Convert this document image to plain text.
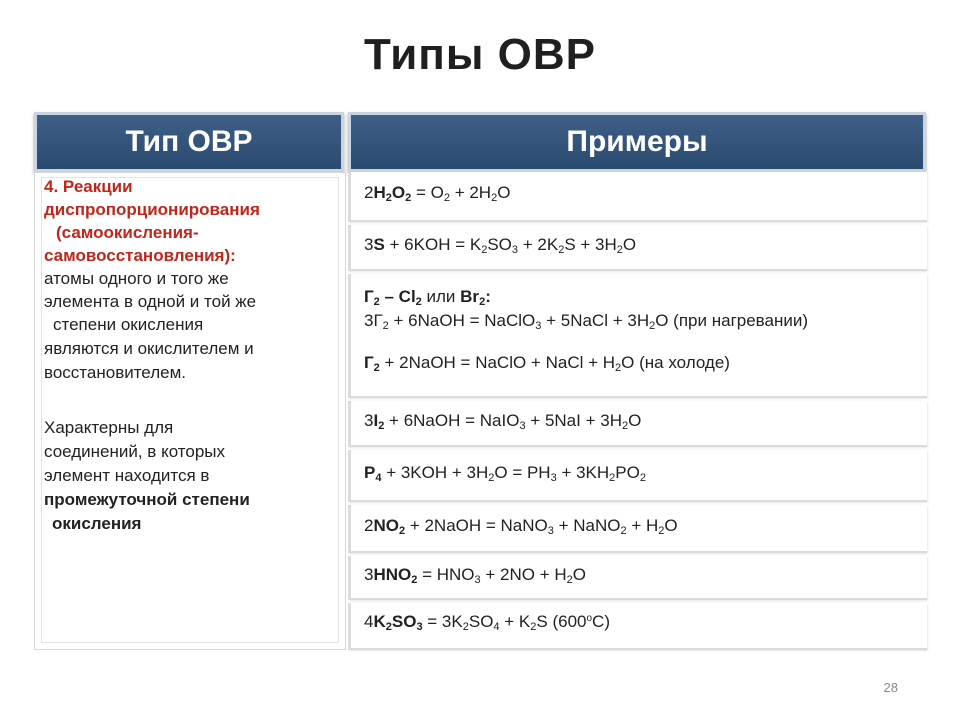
Типы ОВР
Тип ОВР	Примеры
4. Реакции
диспропорционирования
(самоокисления-
самовосстановления):
атомы одного и того же
элемента в одной и той же
степени окисления
являются и окислителем и
восстановителем.
Характерны для
соединений, в которых
элемент находится в
промежуточной степени
окисления
$2H_2O_2 = O_2 + 2H_2O$
$3S + 6KOH = K_2SO_3 + 2K_2S + 3H_2O$
$Г_2 - Cl_2$ или $Br_2$:
$3Г_2$ + 6NaOH = NaClO$_3$ + 5NaCl + $3H_2O$ (при нагревании)
$Г_2$ + 2NaOH = NaClO + NaCl + $H_2O$ (на холоде)
$3I_2$ + 6NaOH = NaIO$_3$ + $5NaI + 3H_2O$
$P_4 + 3KOH + 3H_2O = PH_3 + 3KH_2PO_2$
$2NO_2$ + 2NaOH = NaNO$_3$ + NaNO$_2$ + $H_2O$
$3HNO_2 = HNO_3 + 2NO + H_2O$
$4K_2SO_3 = 3K_2SO_4 + K_2S$ (600$^o$C)
28
